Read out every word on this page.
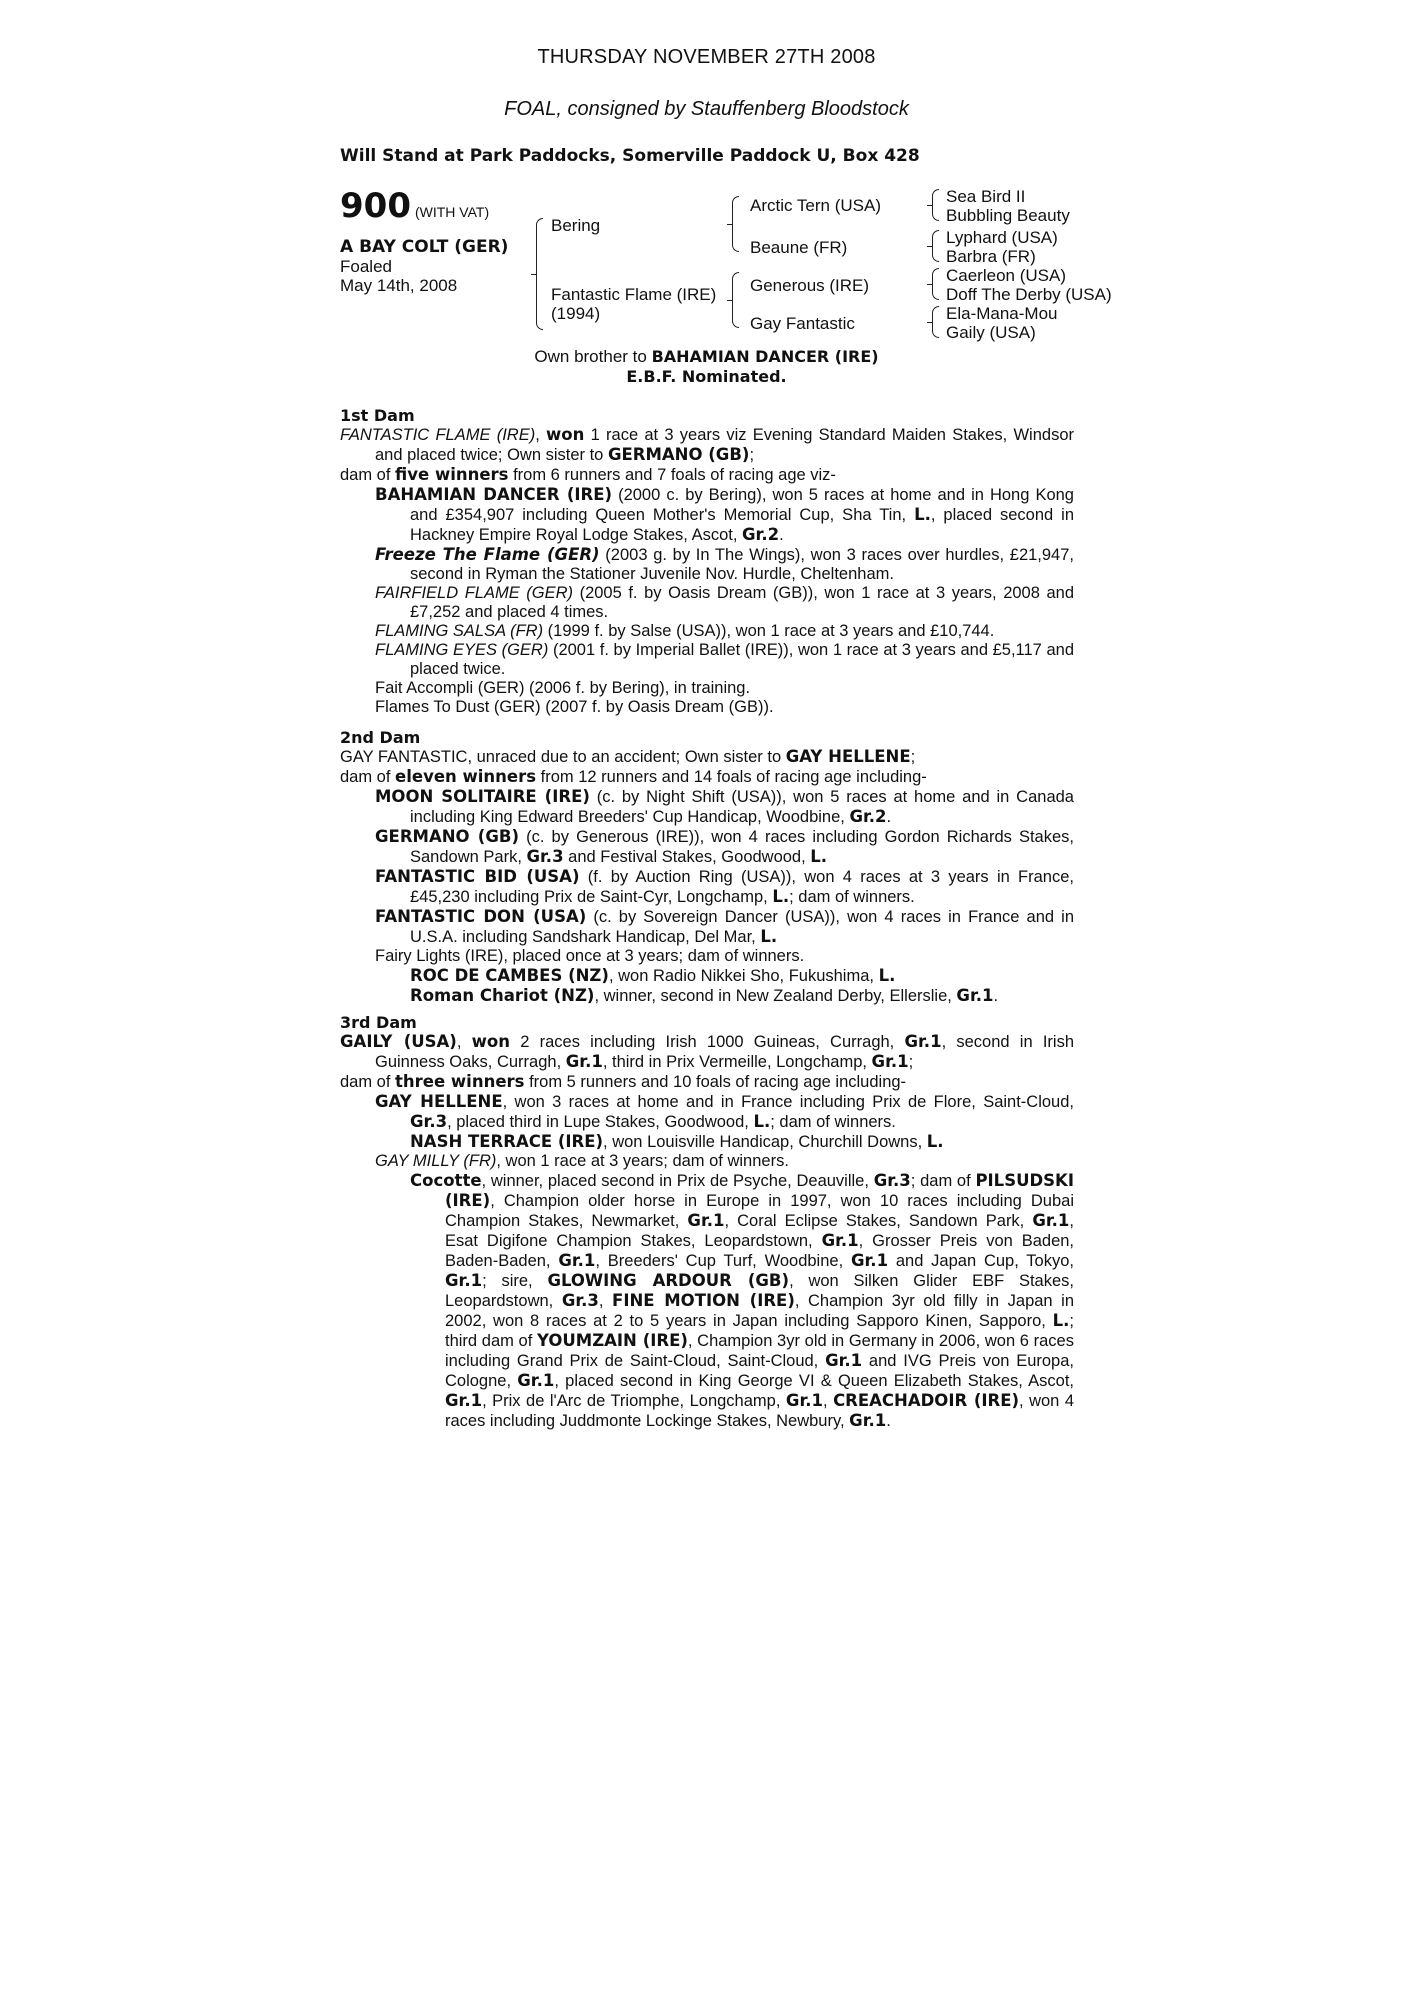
THURSDAY NOVEMBER 27TH 2008
FOAL, consigned by Stauffenberg Bloodstock
Will Stand at Park Paddocks, Somerville Paddock U, Box 428
900 (WITH VAT)
A BAY COLT (GER)
Foaled
May 14th, 2008
Bering
Fantastic Flame (IRE)
(1994)
Arctic Tern (USA)
Beaune (FR)
Generous (IRE)
Gay Fantastic
Sea Bird II
Bubbling Beauty
Lyphard (USA)
Barbra (FR)
Caerleon (USA)
Doff The Derby (USA)
Ela-Mana-Mou
Gaily (USA)
Own brother to BAHAMIAN DANCER (IRE)
E.B.F. Nominated.

1st Dam

FANTASTIC FLAME (IRE), won 1 race at 3 years viz Evening Standard Maiden Stakes, Windsor and placed twice; Own sister to GERMANO (GB);

dam of five winners from 6 runners and 7 foals of racing age viz-

BAHAMIAN DANCER (IRE) (2000 c. by Bering), won 5 races at home and in Hong Kong and £354,907 including Queen Mother's Memorial Cup, Sha Tin, L., placed second in Hackney Empire Royal Lodge Stakes, Ascot, Gr.2.

Freeze The Flame (GER) (2003 g. by In The Wings), won 3 races over hurdles, £21,947, second in Ryman the Stationer Juvenile Nov. Hurdle, Cheltenham.

FAIRFIELD FLAME (GER) (2005 f. by Oasis Dream (GB)), won 1 race at 3 years, 2008 and £7,252 and placed 4 times.

FLAMING SALSA (FR) (1999 f. by Salse (USA)), won 1 race at 3 years and £10,744.

FLAMING EYES (GER) (2001 f. by Imperial Ballet (IRE)), won 1 race at 3 years and £5,117 and placed twice.

Fait Accompli (GER) (2006 f. by Bering), in training.

Flames To Dust (GER) (2007 f. by Oasis Dream (GB)).

2nd Dam

GAY FANTASTIC, unraced due to an accident; Own sister to GAY HELLENE;

dam of eleven winners from 12 runners and 14 foals of racing age including-

MOON SOLITAIRE (IRE) (c. by Night Shift (USA)), won 5 races at home and in Canada including King Edward Breeders' Cup Handicap, Woodbine, Gr.2.

GERMANO (GB) (c. by Generous (IRE)), won 4 races including Gordon Richards Stakes, Sandown Park, Gr.3 and Festival Stakes, Goodwood, L.

FANTASTIC BID (USA) (f. by Auction Ring (USA)), won 4 races at 3 years in France, £45,230 including Prix de Saint-Cyr, Longchamp, L.; dam of winners.

FANTASTIC DON (USA) (c. by Sovereign Dancer (USA)), won 4 races in France and in U.S.A. including Sandshark Handicap, Del Mar, L.

Fairy Lights (IRE), placed once at 3 years; dam of winners.

ROC DE CAMBES (NZ), won Radio Nikkei Sho, Fukushima, L.

Roman Chariot (NZ), winner, second in New Zealand Derby, Ellerslie, Gr.1.

3rd Dam

GAILY (USA), won 2 races including Irish 1000 Guineas, Curragh, Gr.1, second in Irish Guinness Oaks, Curragh, Gr.1, third in Prix Vermeille, Longchamp, Gr.1;

dam of three winners from 5 runners and 10 foals of racing age including-

GAY HELLENE, won 3 races at home and in France including Prix de Flore, Saint-Cloud, Gr.3, placed third in Lupe Stakes, Goodwood, L.; dam of winners.

NASH TERRACE (IRE), won Louisville Handicap, Churchill Downs, L.

GAY MILLY (FR), won 1 race at 3 years; dam of winners.

Cocotte, winner, placed second in Prix de Psyche, Deauville, Gr.3; dam of PILSUDSKI (IRE), Champion older horse in Europe in 1997, won 10 races including Dubai Champion Stakes, Newmarket, Gr.1, Coral Eclipse Stakes, Sandown Park, Gr.1, Esat Digifone Champion Stakes, Leopardstown, Gr.1, Grosser Preis von Baden, Baden-Baden, Gr.1, Breeders' Cup Turf, Woodbine, Gr.1 and Japan Cup, Tokyo, Gr.1; sire, GLOWING ARDOUR (GB), won Silken Glider EBF Stakes, Leopardstown, Gr.3, FINE MOTION (IRE), Champion 3yr old filly in Japan in 2002, won 8 races at 2 to 5 years in Japan including Sapporo Kinen, Sapporo, L.; third dam of YOUMZAIN (IRE), Champion 3yr old in Germany in 2006, won 6 races including Grand Prix de Saint-Cloud, Saint-Cloud, Gr.1 and IVG Preis von Europa, Cologne, Gr.1, placed second in King George VI & Queen Elizabeth Stakes, Ascot, Gr.1, Prix de l'Arc de Triomphe, Longchamp, Gr.1, CREACHADOIR (IRE), won 4 races including Juddmonte Lockinge Stakes, Newbury, Gr.1.
